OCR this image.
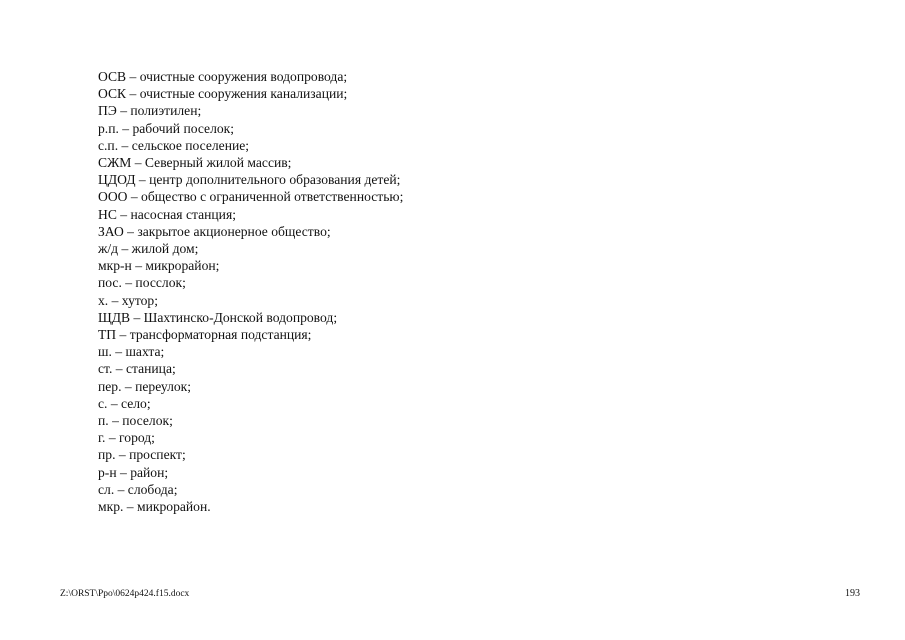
ОСВ – очистные сооружения водопровода;
ОСК – очистные сооружения канализации;
ПЭ – полиэтилен;
р.п. – рабочий поселок;
с.п. – сельское поселение;
СЖМ – Северный жилой массив;
ЦДОД – центр дополнительного образования детей;
ООО – общество с ограниченной ответственностью;
НС – насосная станция;
ЗАО – закрытое акционерное общество;
ж/д – жилой дом;
мкр-н – микрорайон;
пос. – посслок;
х. – хутор;
ЩДВ – Шахтинско-Донской водопровод;
ТП – трансформаторная подстанция;
ш. – шахта;
ст. – станица;
пер. – переулок;
с. – село;
п. – поселок;
г. – город;
пр. – проспект;
р-н – район;
сл. – слобода;
мкр. – микрорайон.
Z:\ORST\Ppo\0624p424.f15.docx	193
